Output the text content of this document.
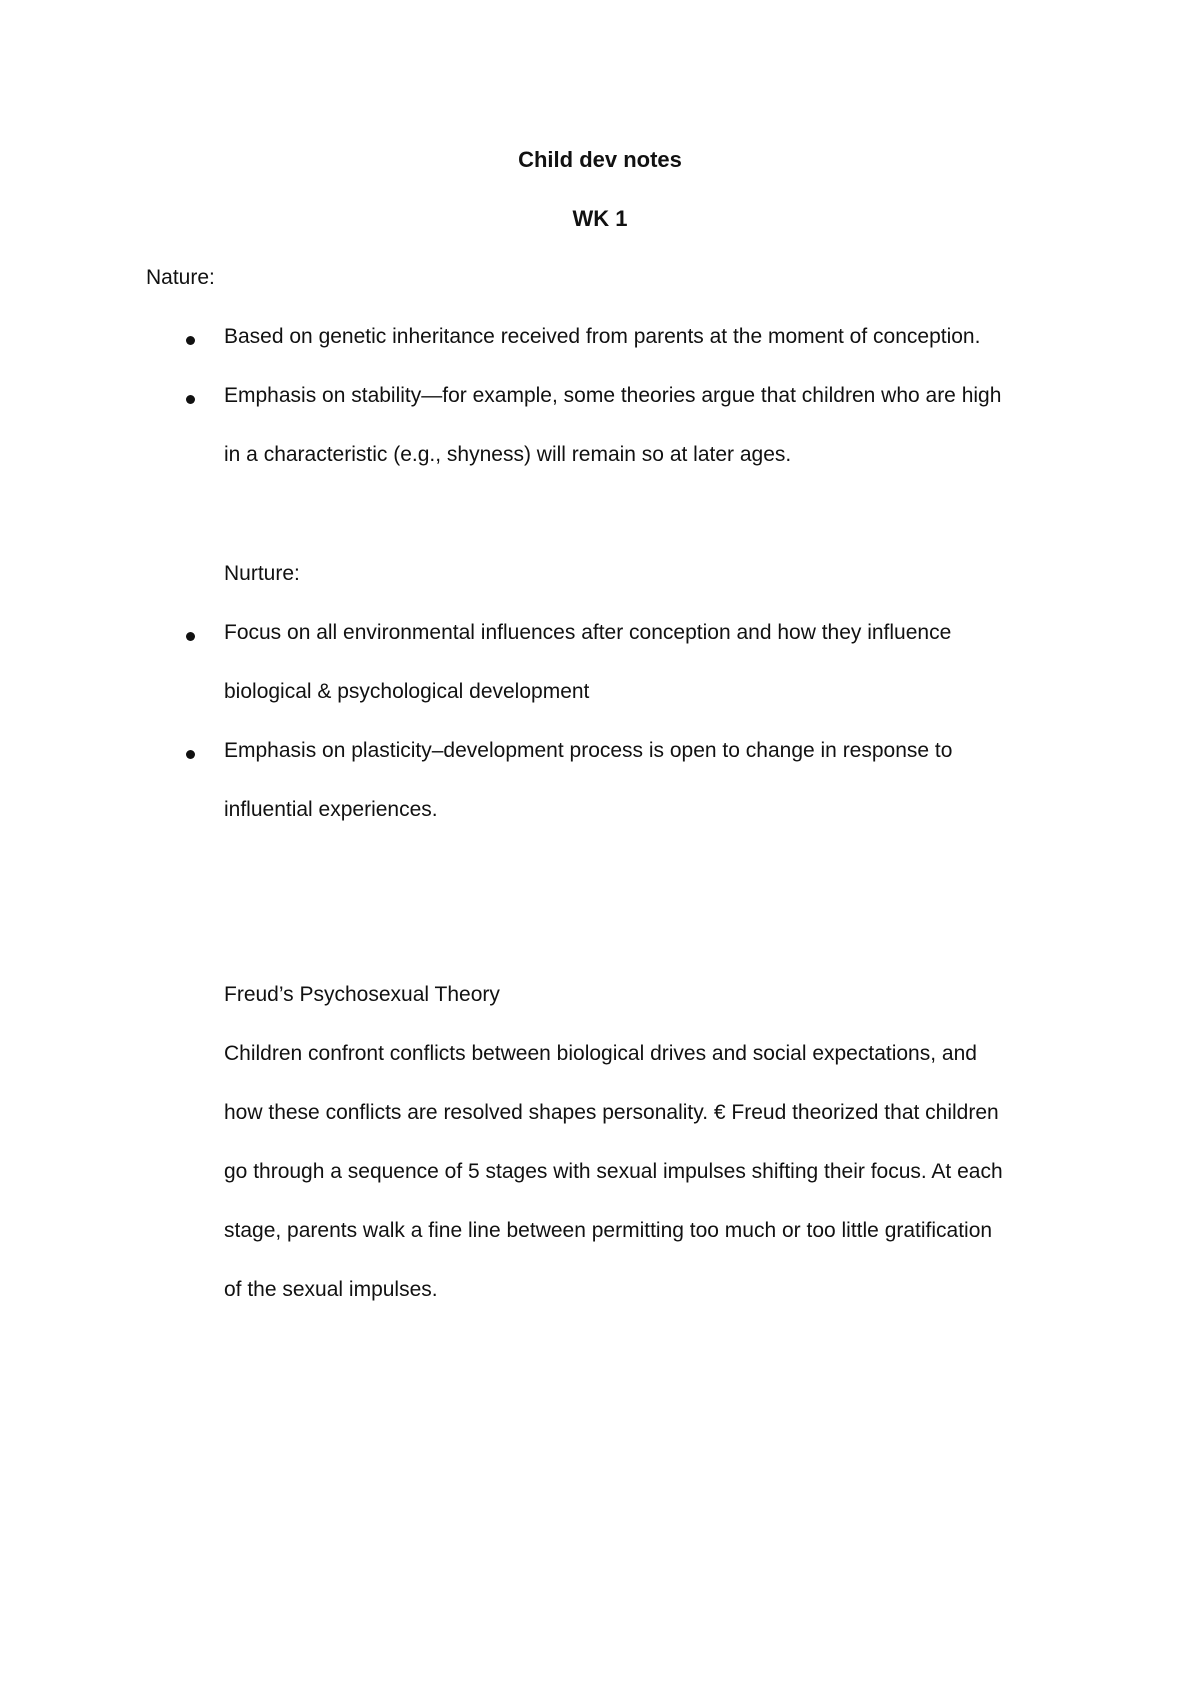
Child dev notes
WK 1
Nature:
Based on genetic inheritance received from parents at the moment of conception.
Emphasis on stability—for example, some theories argue that children who are high
in a characteristic (e.g., shyness) will remain so at later ages.
Nurture:
Focus on all environmental influences after conception and how they influence
biological & psychological development
Emphasis on plasticity–development process is open to change in response to
influential experiences.
Freud’s Psychosexual Theory
Children confront conflicts between biological drives and social expectations, and
how these conflicts are resolved shapes personality. € Freud theorized that children
go through a sequence of 5 stages with sexual impulses shifting their focus. At each
stage, parents walk a fine line between permitting too much or too little gratification
of the sexual impulses.
